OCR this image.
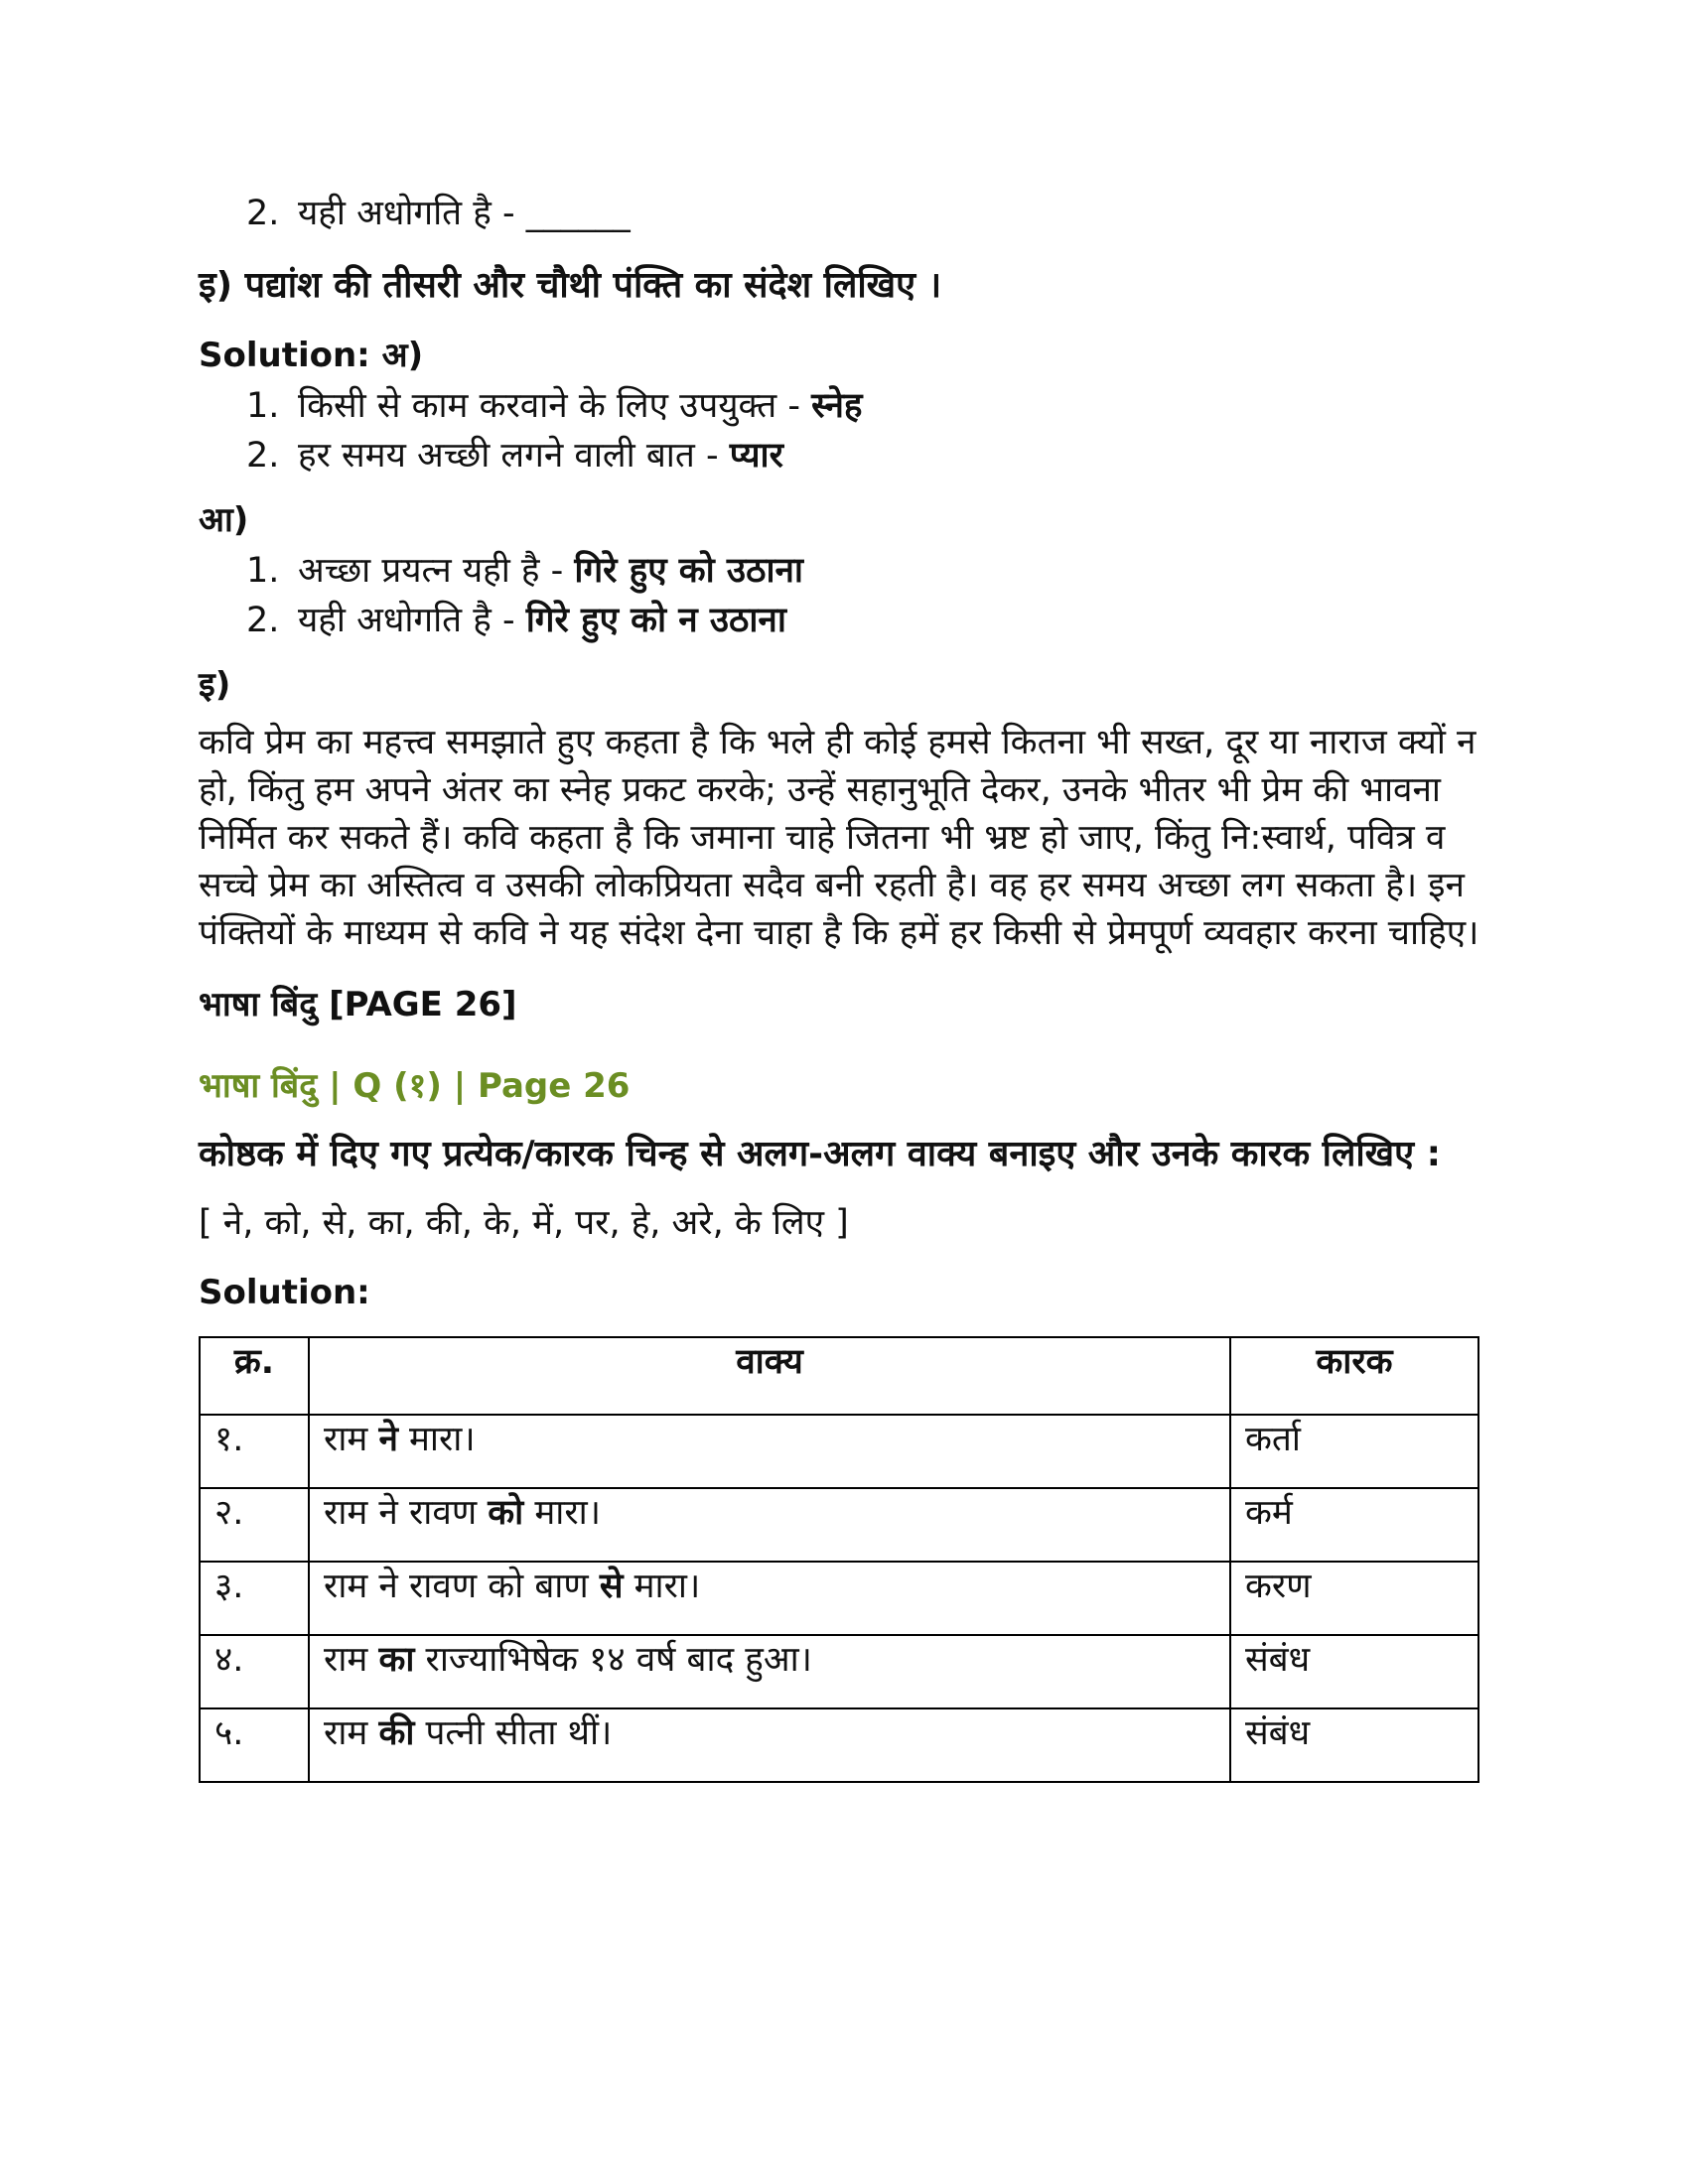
2. यही अधोगति है - ______
इ) पद्यांश की तीसरी और चौथी पंक्ति का संदेश लिखिए ।
Solution: अ)
1. किसी से काम करवाने के लिए उपयुक्त - स्नेह
2. हर समय अच्छी लगने वाली बात - प्यार
आ)
1. अच्छा प्रयत्न यही है - गिरे हुए को उठाना
2. यही अधोगति है - गिरे हुए को न उठाना
इ)
कवि प्रेम का महत्त्व समझाते हुए कहता है कि भले ही कोई हमसे कितना भी सख्त, दूर या नाराज क्यों न हो, किंतु हम अपने अंतर का स्नेह प्रकट करके; उन्हें सहानुभूति देकर, उनके भीतर भी प्रेम की भावना निर्मित कर सकते हैं। कवि कहता है कि जमाना चाहे जितना भी भ्रष्ट हो जाए, किंतु नि:स्वार्थ, पवित्र व सच्चे प्रेम का अस्तित्व व उसकी लोकप्रियता सदैव बनी रहती है। वह हर समय अच्छा लग सकता है। इन पंक्तियों के माध्यम से कवि ने यह संदेश देना चाहा है कि हमें हर किसी से प्रेमपूर्ण व्यवहार करना चाहिए।
भाषा बिंदु [PAGE 26]
भाषा बिंदु | Q (१) | Page 26
कोष्ठक में दिए गए प्रत्येक/कारक चिन्ह से अलग-अलग वाक्य बनाइए और उनके कारक लिखिए :
[ ने, को, से, का, की, के, में, पर, हे, अरे, के लिए ]
Solution:
क्र.	वाक्य	कारक
१.	राम ने मारा।	कर्ता
२.	राम ने रावण को मारा।	कर्म
३.	राम ने रावण को बाण से मारा।	करण
४.	राम का राज्याभिषेक १४ वर्ष बाद हुआ।	संबंध
५.	राम की पत्नी सीता थीं।	संबंध
